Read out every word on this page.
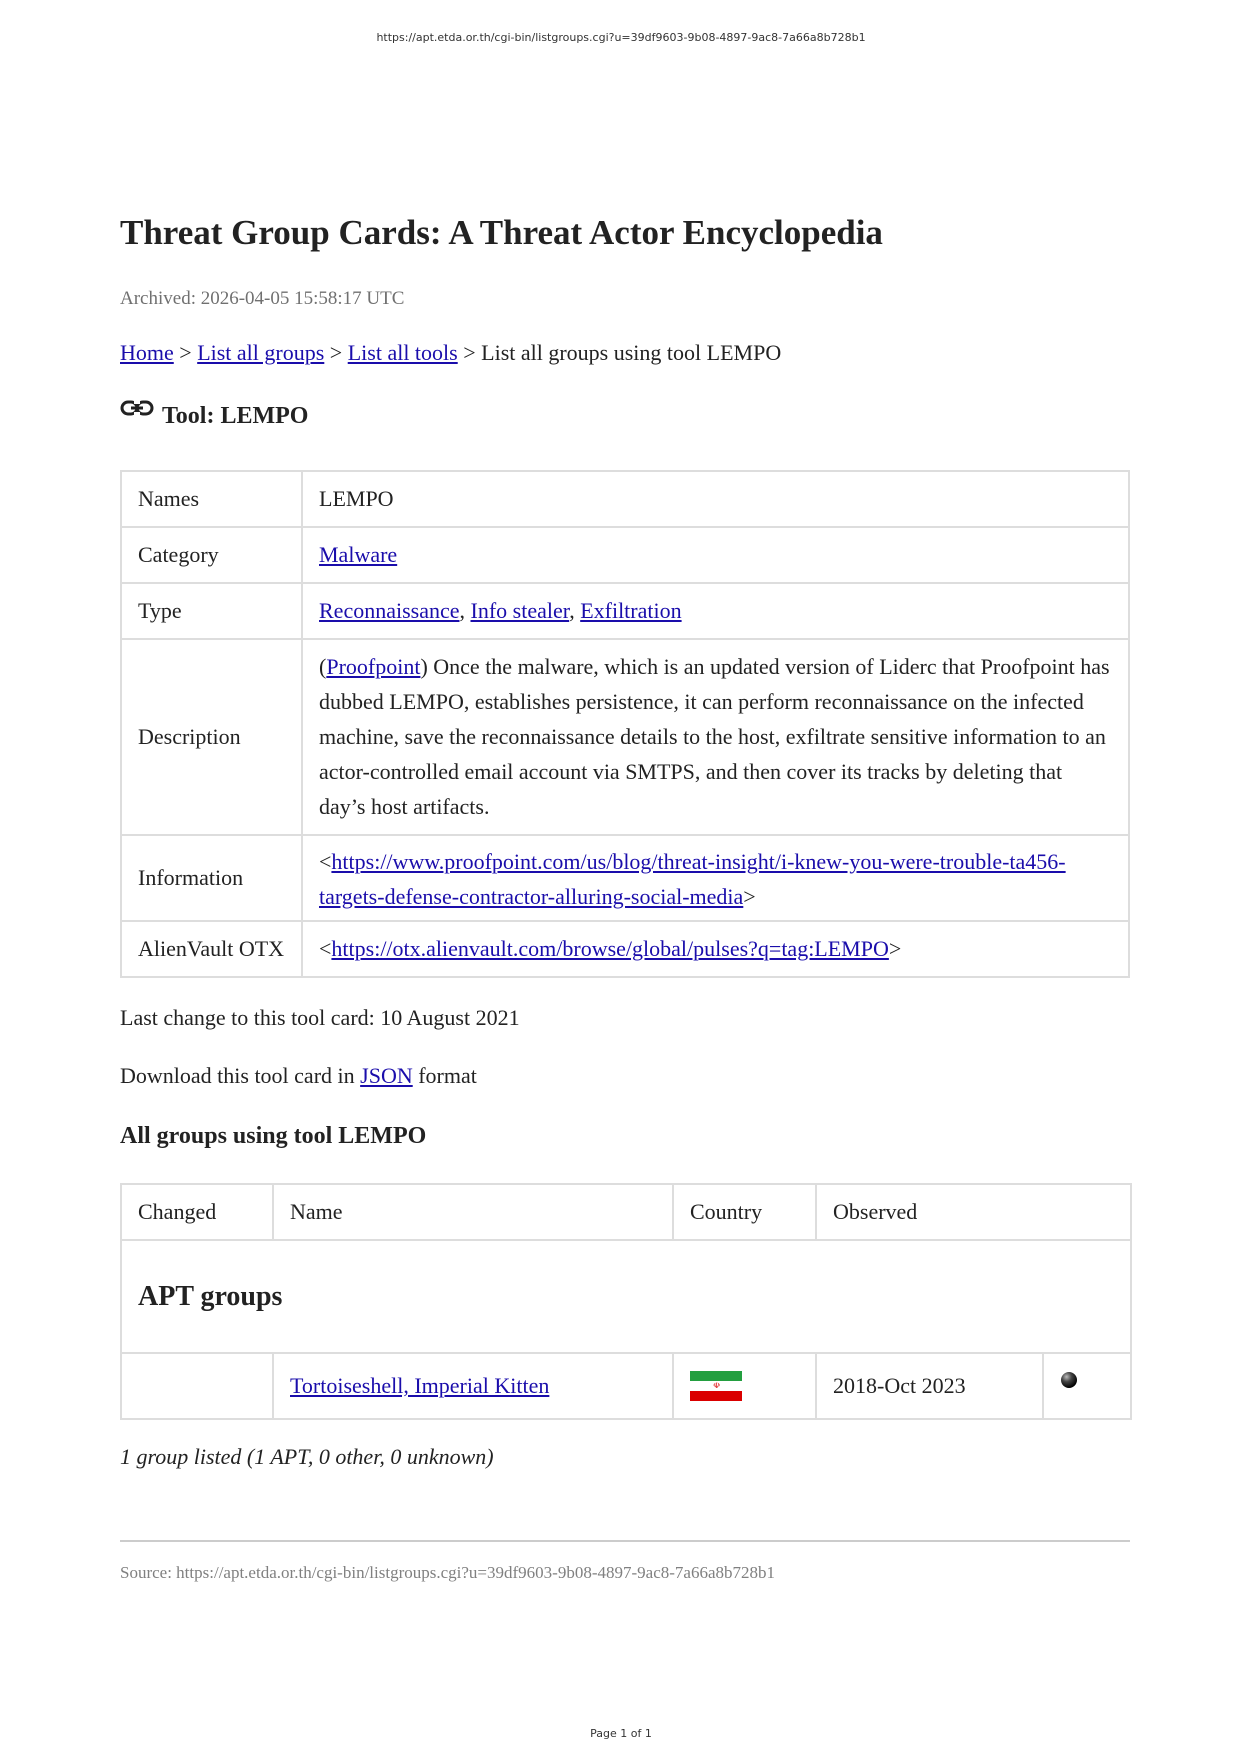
https://apt.etda.or.th/cgi-bin/listgroups.cgi?u=39df9603-9b08-4897-9ac8-7a66a8b728b1
Threat Group Cards: A Threat Actor Encyclopedia
Archived: 2026-04-05 15:58:17 UTC
Home > List all groups > List all tools > List all groups using tool LEMPO
Tool: LEMPO
Names	LEMPO
Category	Malware
Type	Reconnaissance, Info stealer, Exfiltration
Description	(Proofpoint) Once the malware, which is an updated version of Liderc that Proofpoint has dubbed LEMPO, establishes persistence, it can perform reconnaissance on the infected machine, save the reconnaissance details to the host, exfiltrate sensitive information to an actor-controlled email account via SMTPS, and then cover its tracks by deleting that day’s host artifacts.

Information	<https://www.proofpoint.com/us/blog/threat-insight/i-knew-you-were-trouble-ta456-targets-defense-contractor-alluring-social-media>

AlienVault OTX	<https://otx.alienvault.com/browse/global/pulses?q=tag:LEMPO>
Last change to this tool card: 10 August 2021
Download this tool card in JSON format
All groups using tool LEMPO
Changed	Name	Country	Observed	
APT groups				
	Tortoiseshell, Imperial Kitten	☫	2018-Oct 2023	
1 group listed (1 APT, 0 other, 0 unknown)
Source: https://apt.etda.or.th/cgi-bin/listgroups.cgi?u=39df9603-9b08-4897-9ac8-7a66a8b728b1
Page 1 of 1
